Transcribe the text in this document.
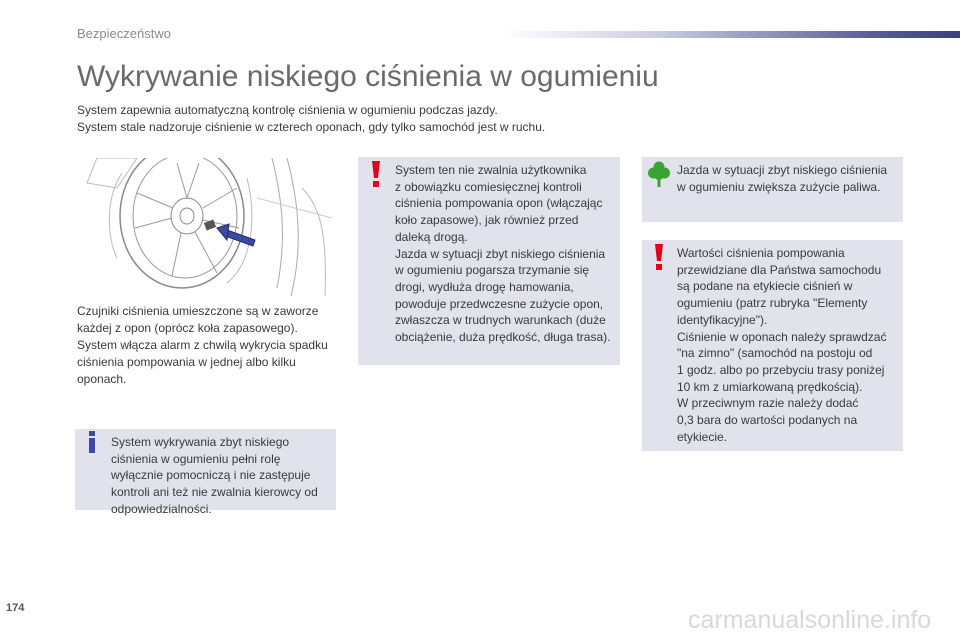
Bezpieczeństwo
Wykrywanie niskiego ciśnienia w ogumieniu
System zapewnia automatyczną kontrolę ciśnienia w ogumieniu podczas jazdy.
System stale nadzoruje ciśnienie w czterech oponach, gdy tylko samochód jest w ruchu.
Czujniki ciśnienia umieszczone są w zaworze
każdej z opon (oprócz koła zapasowego).
System włącza alarm z chwilą wykrycia spadku
ciśnienia pompowania w jednej albo kilku
oponach.
System wykrywania zbyt niskiego
ciśnienia w ogumieniu pełni rolę
wyłącznie pomocniczą i nie zastępuje
kontroli ani też nie zwalnia kierowcy od
odpowiedzialności.
System ten nie zwalnia użytkownika
z obowiązku comiesięcznej kontroli
ciśnienia pompowania opon (włączając
koło zapasowe), jak również przed
daleką drogą.
Jazda w sytuacji zbyt niskiego ciśnienia
w ogumieniu pogarsza trzymanie się
drogi, wydłuża drogę hamowania,
powoduje przedwczesne zużycie opon,
zwłaszcza w trudnych warunkach (duże
obciążenie, duża prędkość, długa trasa).
Jazda w sytuacji zbyt niskiego ciśnienia
w ogumieniu zwiększa zużycie paliwa.
Wartości ciśnienia pompowania
przewidziane dla Państwa samochodu
są podane na etykiecie ciśnień w
ogumieniu (patrz rubryka "Elementy
identyfikacyjne").
Ciśnienie w oponach należy sprawdzać
"na zimno" (samochód na postoju od
1 godz. albo po przebyciu trasy poniżej
10 km z umiarkowaną prędkością).
W przeciwnym razie należy dodać
0,3 bara do wartości podanych na
etykiecie.
174	carmanualsonline.info
